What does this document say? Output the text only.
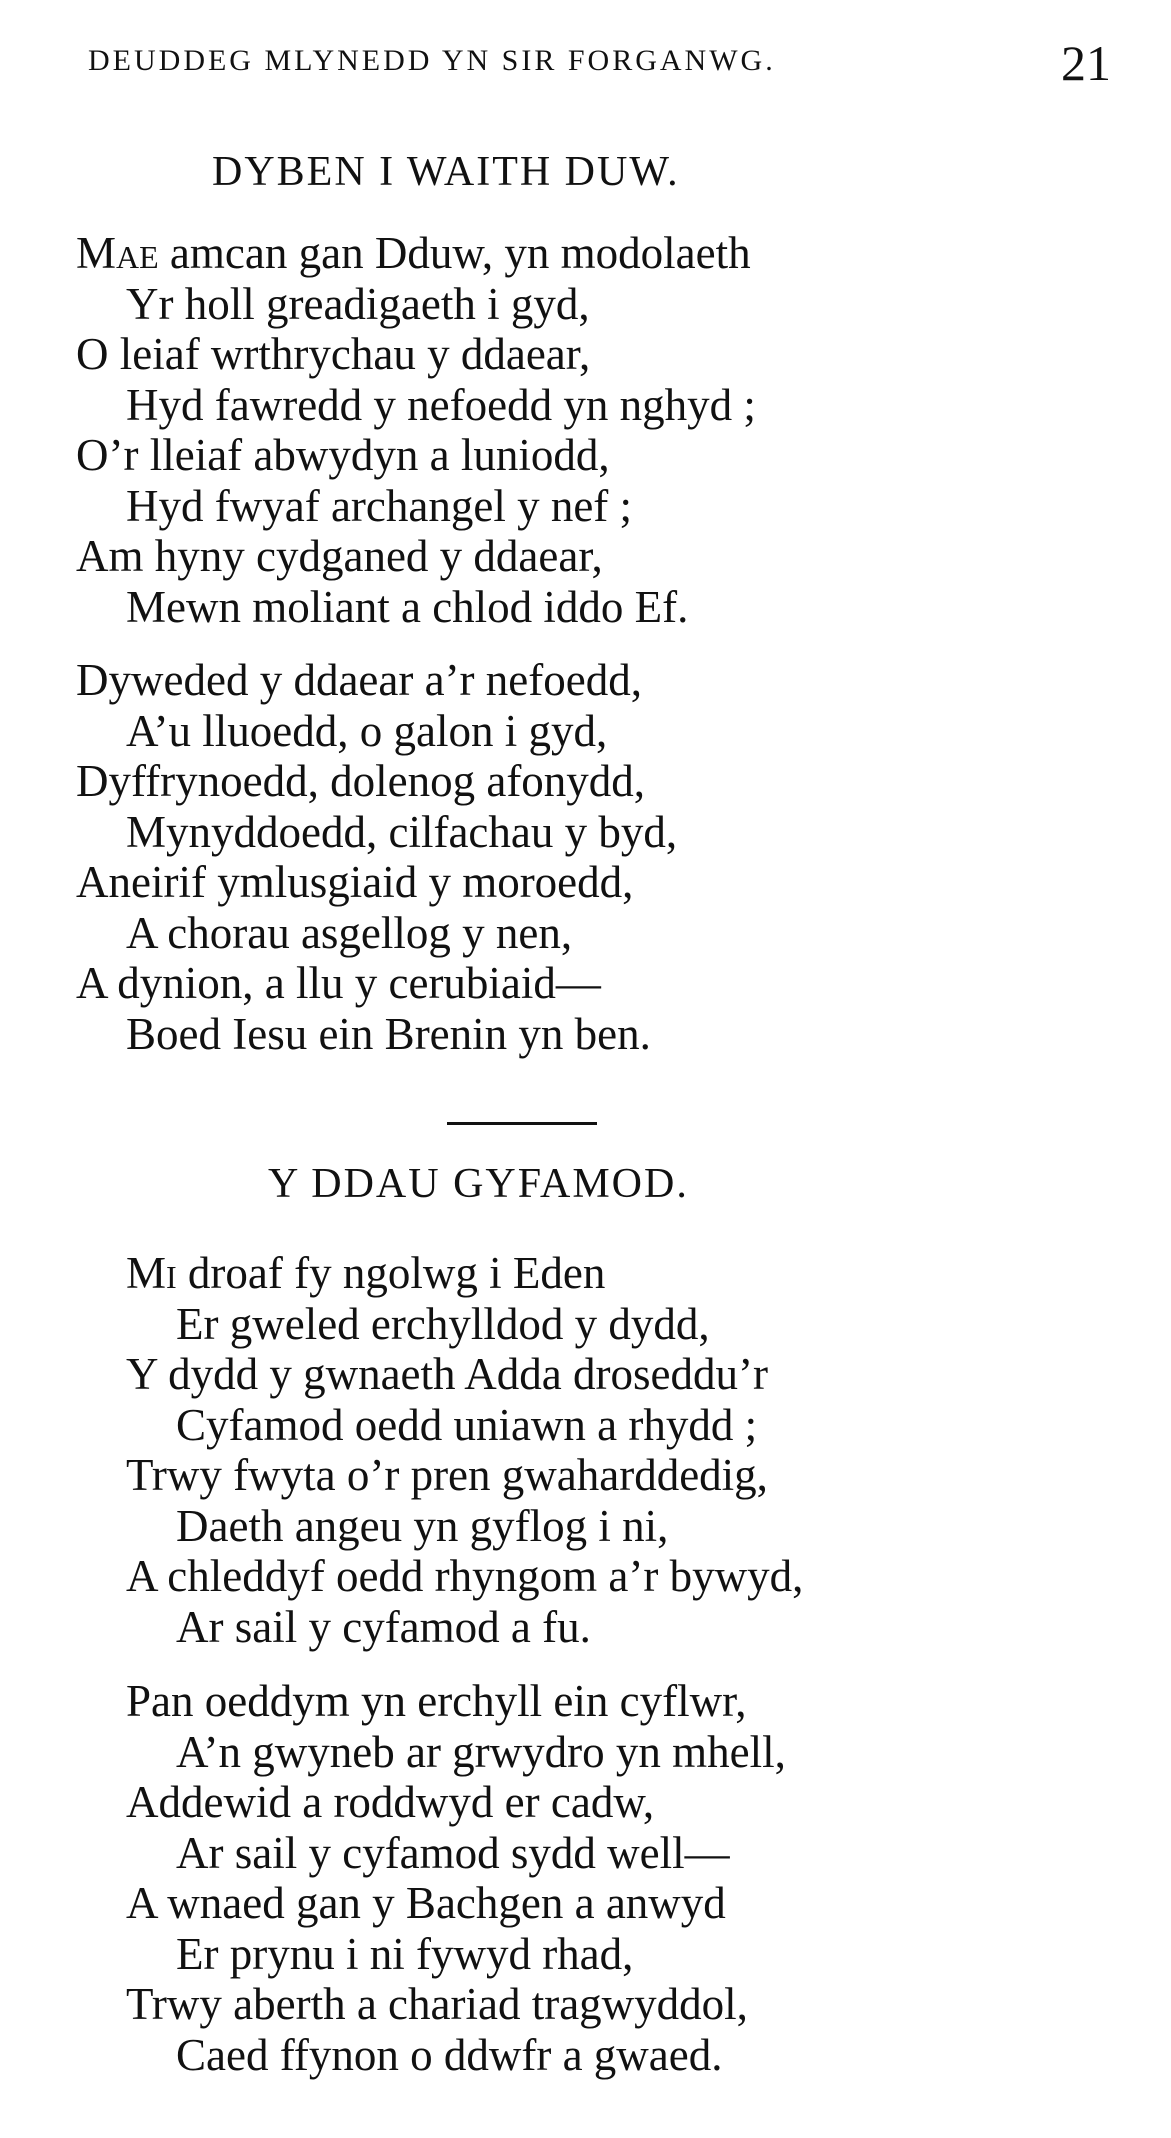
DEUDDEG MLYNEDD YN SIR FORGANWG.	21
DYBEN I WAITH DUW.
Mae amcan gan Dduw, yn modolaeth
Yr holl greadigaeth i gyd,
O leiaf wrthrychau y ddaear,
Hyd fawredd y nefoedd yn nghyd ;
O’r lleiaf abwydyn a luniodd,
Hyd fwyaf archangel y nef ;
Am hyny cydganed y ddaear,
Mewn moliant a chlod iddo Ef.
Dyweded y ddaear a’r nefoedd,
A’u lluoedd, o galon i gyd,
Dyffrynoedd, dolenog afonydd,
Mynyddoedd, cilfachau y byd,
Aneirif ymlusgiaid y moroedd,
A chorau asgellog y nen,
A dynion, a llu y cerubiaid—
Boed Iesu ein Brenin yn ben.
Y DDAU GYFAMOD.
Mi droaf fy ngolwg i Eden
Er gweled erchylldod y dydd,
Y dydd y gwnaeth Adda droseddu’r
Cyfamod oedd uniawn a rhydd ;
Trwy fwyta o’r pren gwaharddedig,
Daeth angeu yn gyflog i ni,
A chleddyf oedd rhyngom a’r bywyd,
Ar sail y cyfamod a fu.
Pan oeddym yn erchyll ein cyflwr,
A’n gwyneb ar grwydro yn mhell,
Addewid a roddwyd er cadw,
Ar sail y cyfamod sydd well—
A wnaed gan y Bachgen a anwyd
Er prynu i ni fywyd rhad,
Trwy aberth a chariad tragwyddol,
Caed ffynon o ddwfr a gwaed.
